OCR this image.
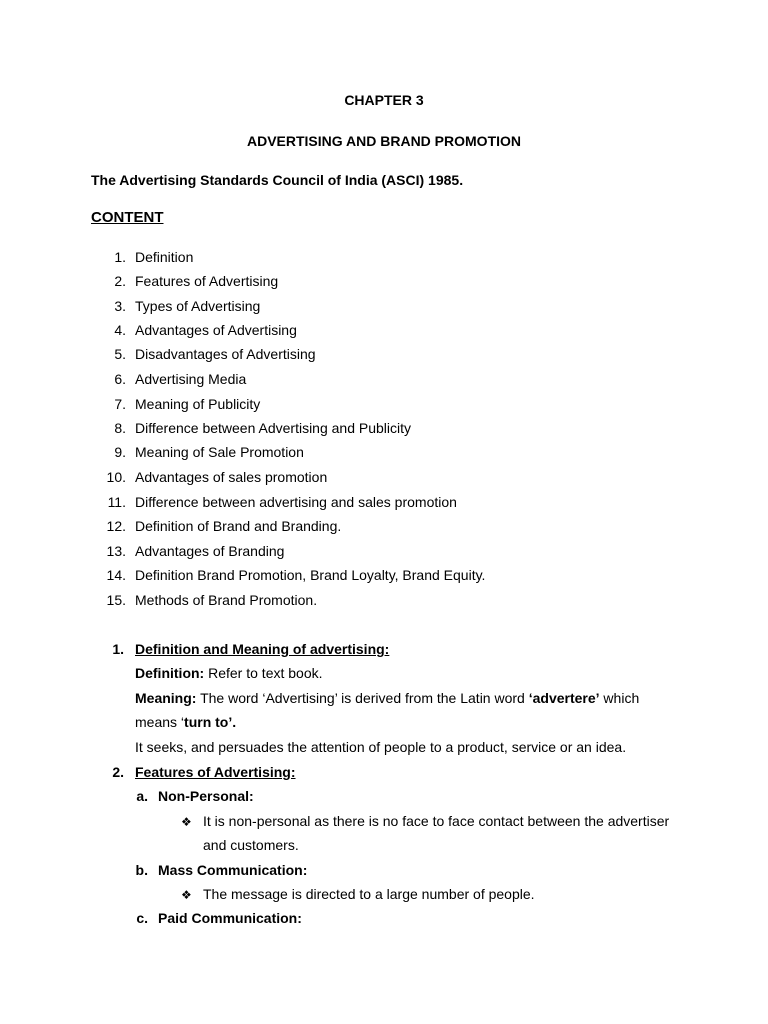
CHAPTER 3
ADVERTISING AND BRAND PROMOTION
The Advertising Standards Council of India (ASCI) 1985.
CONTENT
1. Definition
2. Features of Advertising
3. Types of Advertising
4. Advantages of Advertising
5. Disadvantages of Advertising
6. Advertising Media
7. Meaning of Publicity
8. Difference between Advertising and Publicity
9. Meaning of Sale Promotion
10. Advantages of sales promotion
11. Difference between advertising and sales promotion
12. Definition of Brand and Branding.
13. Advantages of Branding
14. Definition Brand Promotion, Brand Loyalty, Brand Equity.
15. Methods of Brand Promotion.
1. Definition and Meaning of advertising:
Definition: Refer to text book.
Meaning: The word ‘Advertising’ is derived from the Latin word ‘advertere’ which
means ‘turn to’.
It seeks, and persuades the attention of people to a product, service or an idea.
2. Features of Advertising:
a. Non-Personal:
❖ It is non-personal as there is no face to face contact between the advertiser
and customers.
b. Mass Communication:
❖ The message is directed to a large number of people.
c. Paid Communication:
